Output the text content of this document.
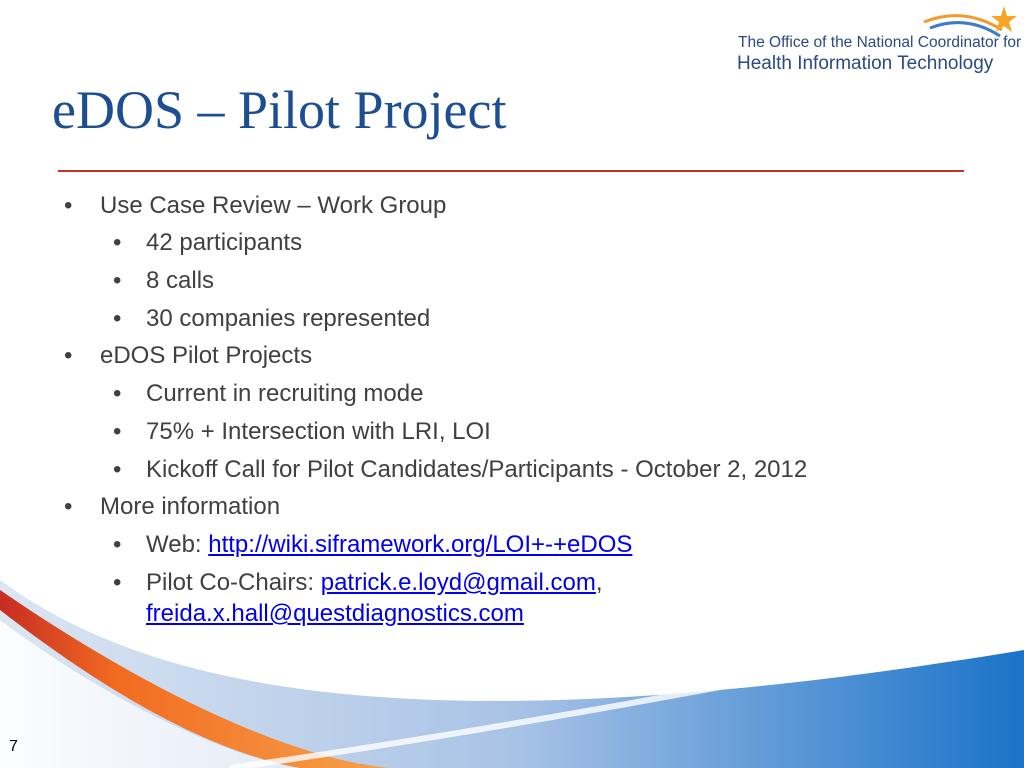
The Office of the National Coordinator for
Health Information Technology
eDOS – Pilot Project
• Use Case Review – Work Group
• 42 participants
• 8 calls
• 30 companies represented
• eDOS Pilot Projects
• Current in recruiting mode
• 75% + Intersection with LRI, LOI
• Kickoff Call for Pilot Candidates/Participants - October 2, 2012
• More information
• Web: http://wiki.siframework.org/LOI+-+eDOS
• Pilot Co-Chairs: patrick.e.loyd@gmail.com,
freida.x.hall@questdiagnostics.com
7
